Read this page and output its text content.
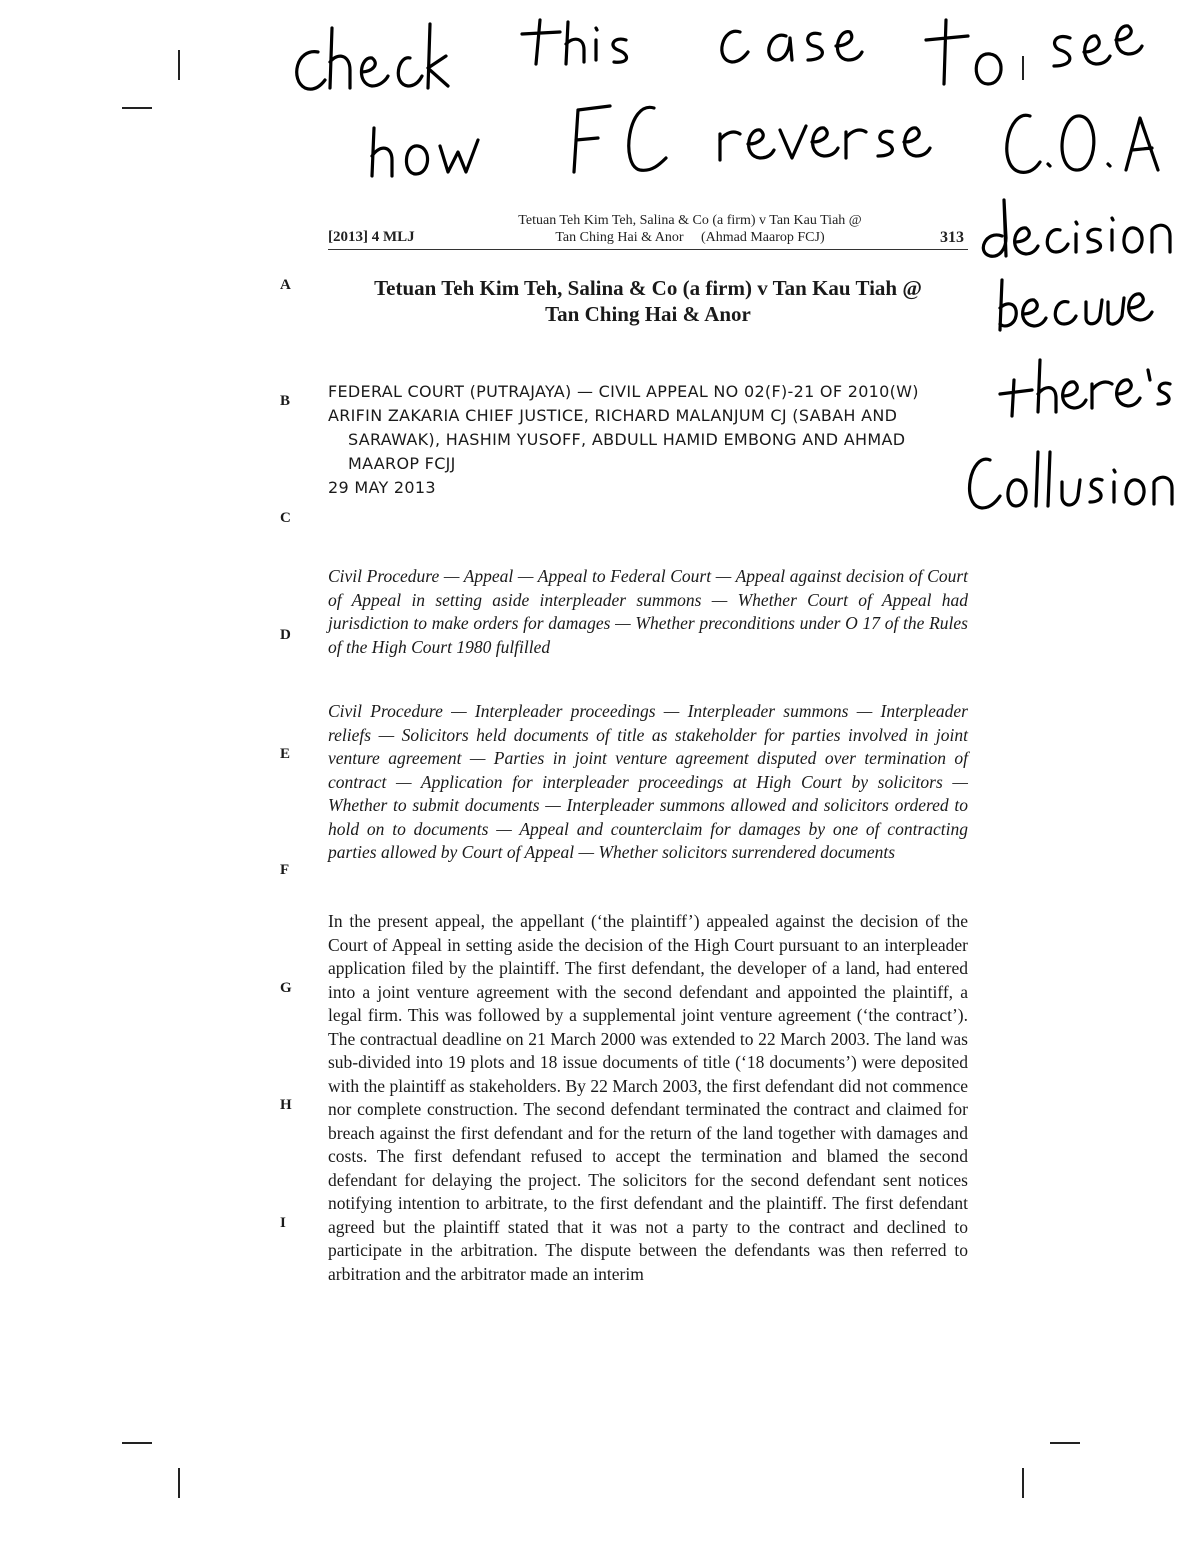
[2013] 4 MLJ
Tetuan Teh Kim Teh, Salina & Co (a firm) v Tan Kau Tiah @
Tan Ching Hai & Anor     (Ahmad Maarop FCJ)	313
A
B
C
D
E
F
G
H
I
Tetuan Teh Kim Teh, Salina & Co (a firm) v Tan Kau Tiah @
Tan Ching Hai & Anor

FEDERAL COURT (PUTRAJAYA) — CIVIL APPEAL NO 02(F)-21 OF 2010(W)

ARIFIN ZAKARIA CHIEF JUSTICE, RICHARD MALANJUM CJ (SABAH AND SARAWAK), HASHIM YUSOFF, ABDULL HAMID EMBONG AND AHMAD MAAROP FCJJ

29 MAY 2013

Civil Procedure — Appeal — Appeal to Federal Court — Appeal against decision of Court of Appeal in setting aside interpleader summons — Whether Court of Appeal had jurisdiction to make orders for damages — Whether preconditions under O 17 of the Rules of the High Court 1980 fulfilled

Civil Procedure — Interpleader proceedings — Interpleader summons — Interpleader reliefs — Solicitors held documents of title as stakeholder for parties involved in joint venture agreement — Parties in joint venture agreement disputed over termination of contract — Application for interpleader proceedings at High Court by solicitors — Whether to submit documents — Interpleader summons allowed and solicitors ordered to hold on to documents — Appeal and counterclaim for damages by one of contracting parties allowed by Court of Appeal — Whether solicitors surrendered documents

In the present appeal, the appellant (‘the plaintiff’) appealed against the decision of the Court of Appeal in setting aside the decision of the High Court pursuant to an interpleader application filed by the plaintiff. The first defendant, the developer of a land, had entered into a joint venture agreement with the second defendant and appointed the plaintiff, a legal firm. This was followed by a supplemental joint venture agreement (‘the contract’). The contractual deadline on 21 March 2000 was extended to 22 March 2003. The land was sub-divided into 19 plots and 18 issue documents of title (‘18 documents’) were deposited with the plaintiff as stakeholders. By 22 March 2003, the first defendant did not commence nor complete construction. The second defendant terminated the contract and claimed for breach against the first defendant and for the return of the land together with damages and costs. The first defendant refused to accept the termination and blamed the second defendant for delaying the project. The solicitors for the second defendant sent notices notifying intention to arbitrate, to the first defendant and the plaintiff. The first defendant agreed but the plaintiff stated that it was not a party to the contract and declined to participate in the arbitration. The dispute between the defendants was then referred to arbitration and the arbitrator made an interim
